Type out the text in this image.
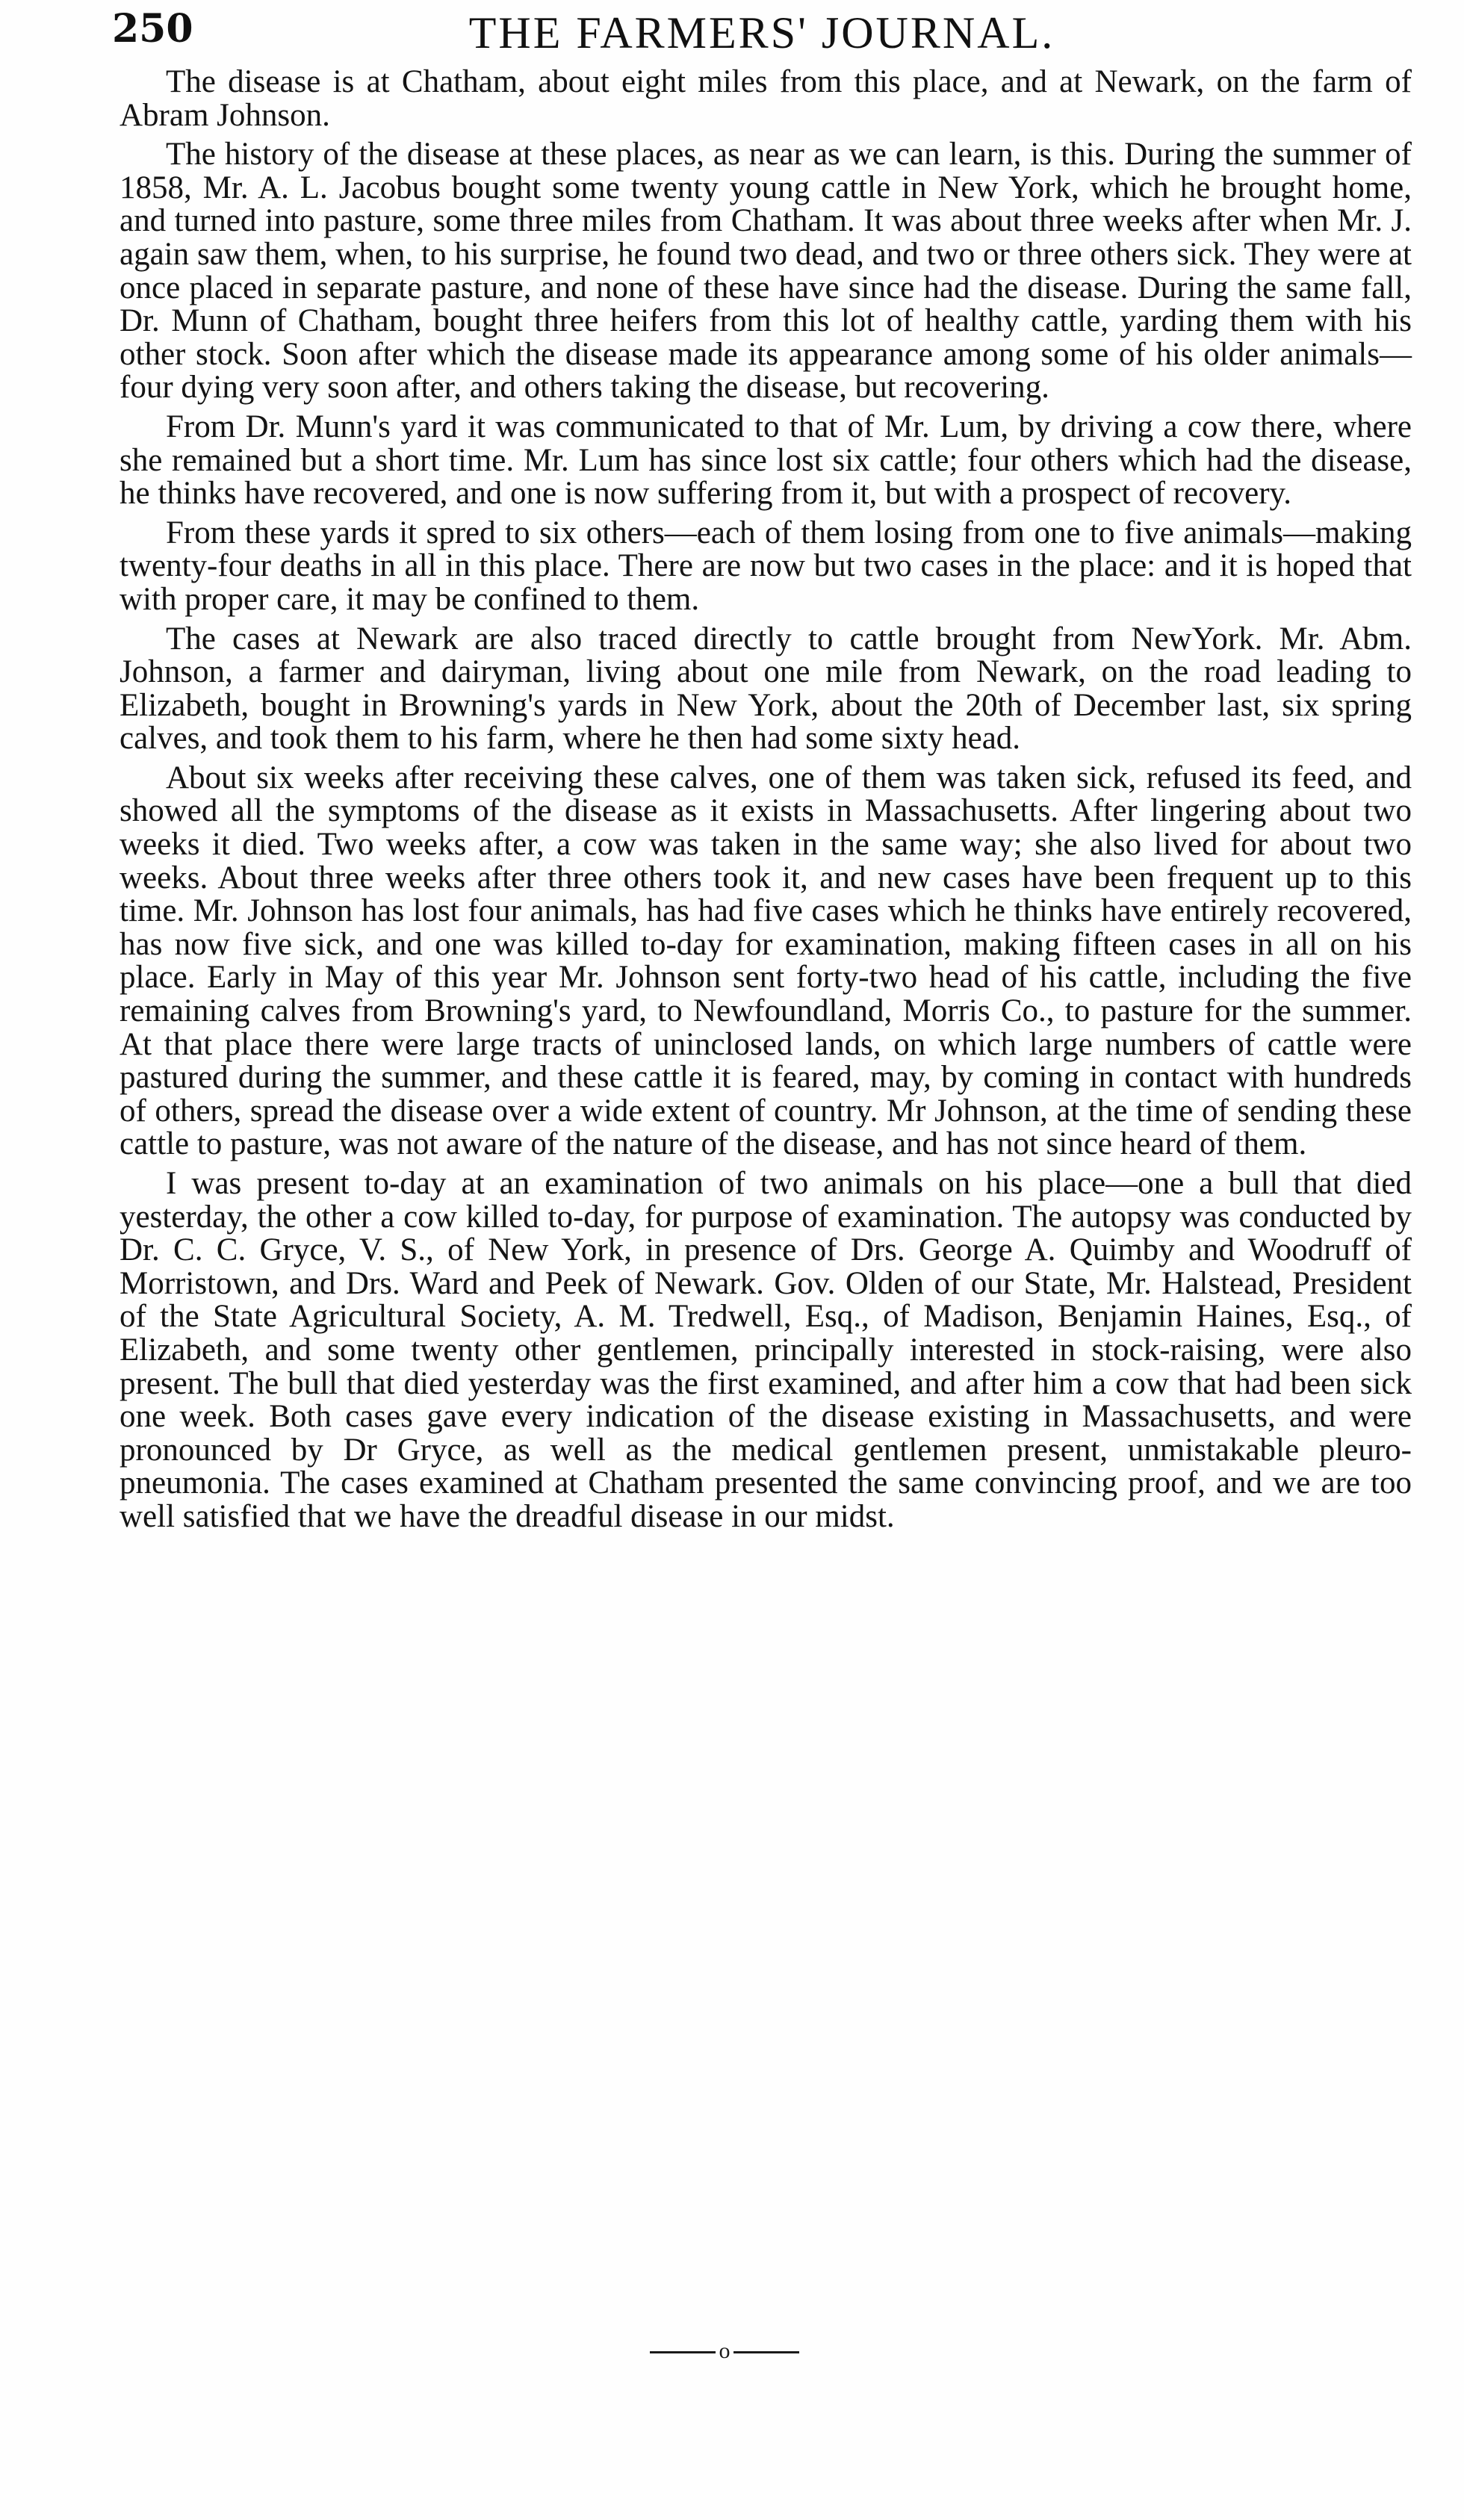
250	THE FARMERS' JOURNAL.

The disease is at Chatham, about eight miles from this place, and at Newark, on the farm of Abram Johnson.

The history of the disease at these places, as near as we can learn, is this. During the summer of 1858, Mr. A. L. Jacobus bought some twenty young cattle in New York, which he brought home, and turned into pasture, some three miles from Chatham. It was about three weeks after when Mr. J. again saw them, when, to his surprise, he found two dead, and two or three others sick. They were at once placed in separate pasture, and none of these have since had the disease. During the same fall, Dr. Munn of Chatham, bought three heifers from this lot of healthy cattle, yarding them with his other stock. Soon after which the disease made its appearance among some of his older animals—four dying very soon after, and others taking the disease, but recovering.

From Dr. Munn's yard it was communicated to that of Mr. Lum, by driving a cow there, where she remained but a short time. Mr. Lum has since lost six cattle; four others which had the disease, he thinks have recovered, and one is now suffering from it, but with a prospect of recovery.

From these yards it spred to six others—each of them losing from one to five animals—making twenty-four deaths in all in this place. There are now but two cases in the place: and it is hoped that with proper care, it may be confined to them.

The cases at Newark are also traced directly to cattle brought from NewYork. Mr. Abm. Johnson, a farmer and dairyman, living about one mile from Newark, on the road leading to Elizabeth, bought in Browning's yards in New York, about the 20th of December last, six spring calves, and took them to his farm, where he then had some sixty head.

About six weeks after receiving these calves, one of them was taken sick, refused its feed, and showed all the symptoms of the disease as it exists in Massachusetts. After lingering about two weeks it died. Two weeks after, a cow was taken in the same way; she also lived for about two weeks. About three weeks after three others took it, and new cases have been frequent up to this time. Mr. Johnson has lost four animals, has had five cases which he thinks have entirely recovered, has now five sick, and one was killed to-day for examination, making fifteen cases in all on his place. Early in May of this year Mr. Johnson sent forty-two head of his cattle, including the five remaining calves from Browning's yard, to Newfoundland, Morris Co., to pasture for the summer. At that place there were large tracts of uninclosed lands, on which large numbers of cattle were pastured during the summer, and these cattle it is feared, may, by coming in contact with hundreds of others, spread the disease over a wide extent of country. Mr Johnson, at the time of sending these cattle to pasture, was not aware of the nature of the disease, and has not since heard of them.

I was present to-day at an examination of two animals on his place—one a bull that died yesterday, the other a cow killed to-day, for purpose of examination. The autopsy was conducted by Dr. C. C. Gryce, V. S., of New York, in presence of Drs. George A. Quimby and Woodruff of Morristown, and Drs. Ward and Peek of Newark. Gov. Olden of our State, Mr. Halstead, President of the State Agricultural Society, A. M. Tredwell, Esq., of Madison, Benjamin Haines, Esq., of Elizabeth, and some twenty other gentlemen, principally interested in stock-raising, were also present. The bull that died yesterday was the first examined, and after him a cow that had been sick one week. Both cases gave every indication of the disease existing in Massachusetts, and were pronounced by Dr Gryce, as well as the medical gentlemen present, unmistakable pleuro-pneumonia. The cases examined at Chatham presented the same convincing proof, and we are too well satisfied that we have the dreadful disease in our midst.

o
